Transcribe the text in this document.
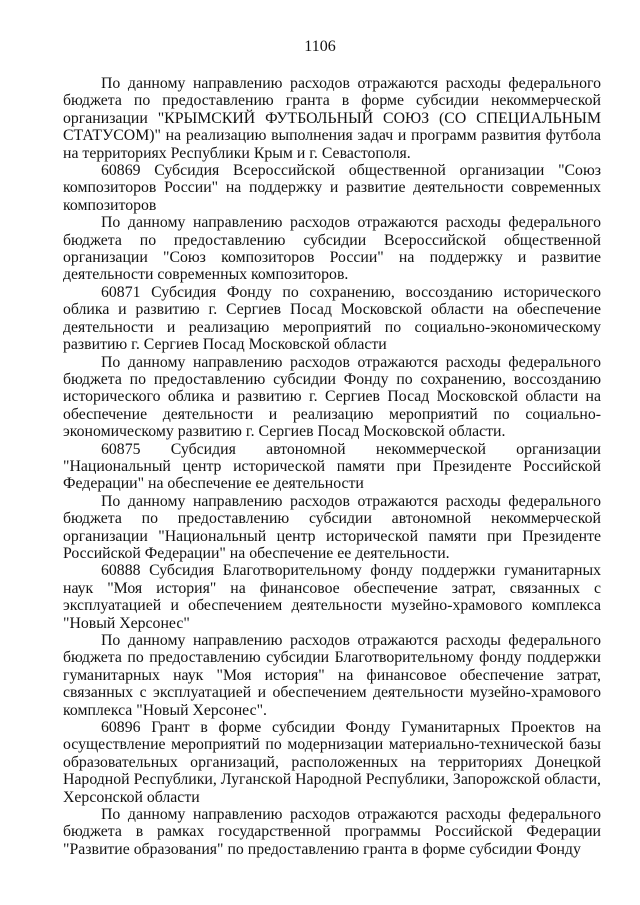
1106

По данному направлению расходов отражаются расходы федерального бюджета по предоставлению гранта в форме субсидии некоммерческой организации "КРЫМСКИЙ ФУТБОЛЬНЫЙ СОЮЗ (СО СПЕЦИАЛЬНЫМ СТАТУСОМ)" на реализацию выполнения задач и программ развития футбола на территориях Республики Крым и г. Севастополя.

60869 Субсидия Всероссийской общественной организации "Союз композиторов России" на поддержку и развитие деятельности современных композиторов

По данному направлению расходов отражаются расходы федерального бюджета по предоставлению субсидии Всероссийской общественной организации "Союз композиторов России" на поддержку и развитие деятельности современных композиторов.

60871 Субсидия Фонду по сохранению, воссозданию исторического облика и развитию г. Сергиев Посад Московской области на обеспечение деятельности и реализацию мероприятий по социально-экономическому развитию г. Сергиев Посад Московской области

По данному направлению расходов отражаются расходы федерального бюджета по предоставлению субсидии Фонду по сохранению, воссозданию исторического облика и развитию г. Сергиев Посад Московской области на обеспечение деятельности и реализацию мероприятий по социально-экономическому развитию г. Сергиев Посад Московской области.

60875 Субсидия автономной некоммерческой организации "Национальный центр исторической памяти при Президенте Российской Федерации" на обеспечение ее деятельности

По данному направлению расходов отражаются расходы федерального бюджета по предоставлению субсидии автономной некоммерческой организации "Национальный центр исторической памяти при Президенте Российской Федерации" на обеспечение ее деятельности.

60888 Субсидия Благотворительному фонду поддержки гуманитарных наук "Моя история" на финансовое обеспечение затрат, связанных с эксплуатацией и обеспечением деятельности музейно-храмового комплекса "Новый Херсонес"

По данному направлению расходов отражаются расходы федерального бюджета по предоставлению субсидии Благотворительному фонду поддержки гуманитарных наук "Моя история" на финансовое обеспечение затрат, связанных с эксплуатацией и обеспечением деятельности музейно-храмового комплекса "Новый Херсонес".

60896 Грант в форме субсидии Фонду Гуманитарных Проектов на осуществление мероприятий по модернизации материально-технической базы образовательных организаций, расположенных на территориях Донецкой Народной Республики, Луганской Народной Республики, Запорожской области, Херсонской области

По данному направлению расходов отражаются расходы федерального бюджета в рамках государственной программы Российской Федерации "Развитие образования" по предоставлению гранта в форме субсидии Фонду
